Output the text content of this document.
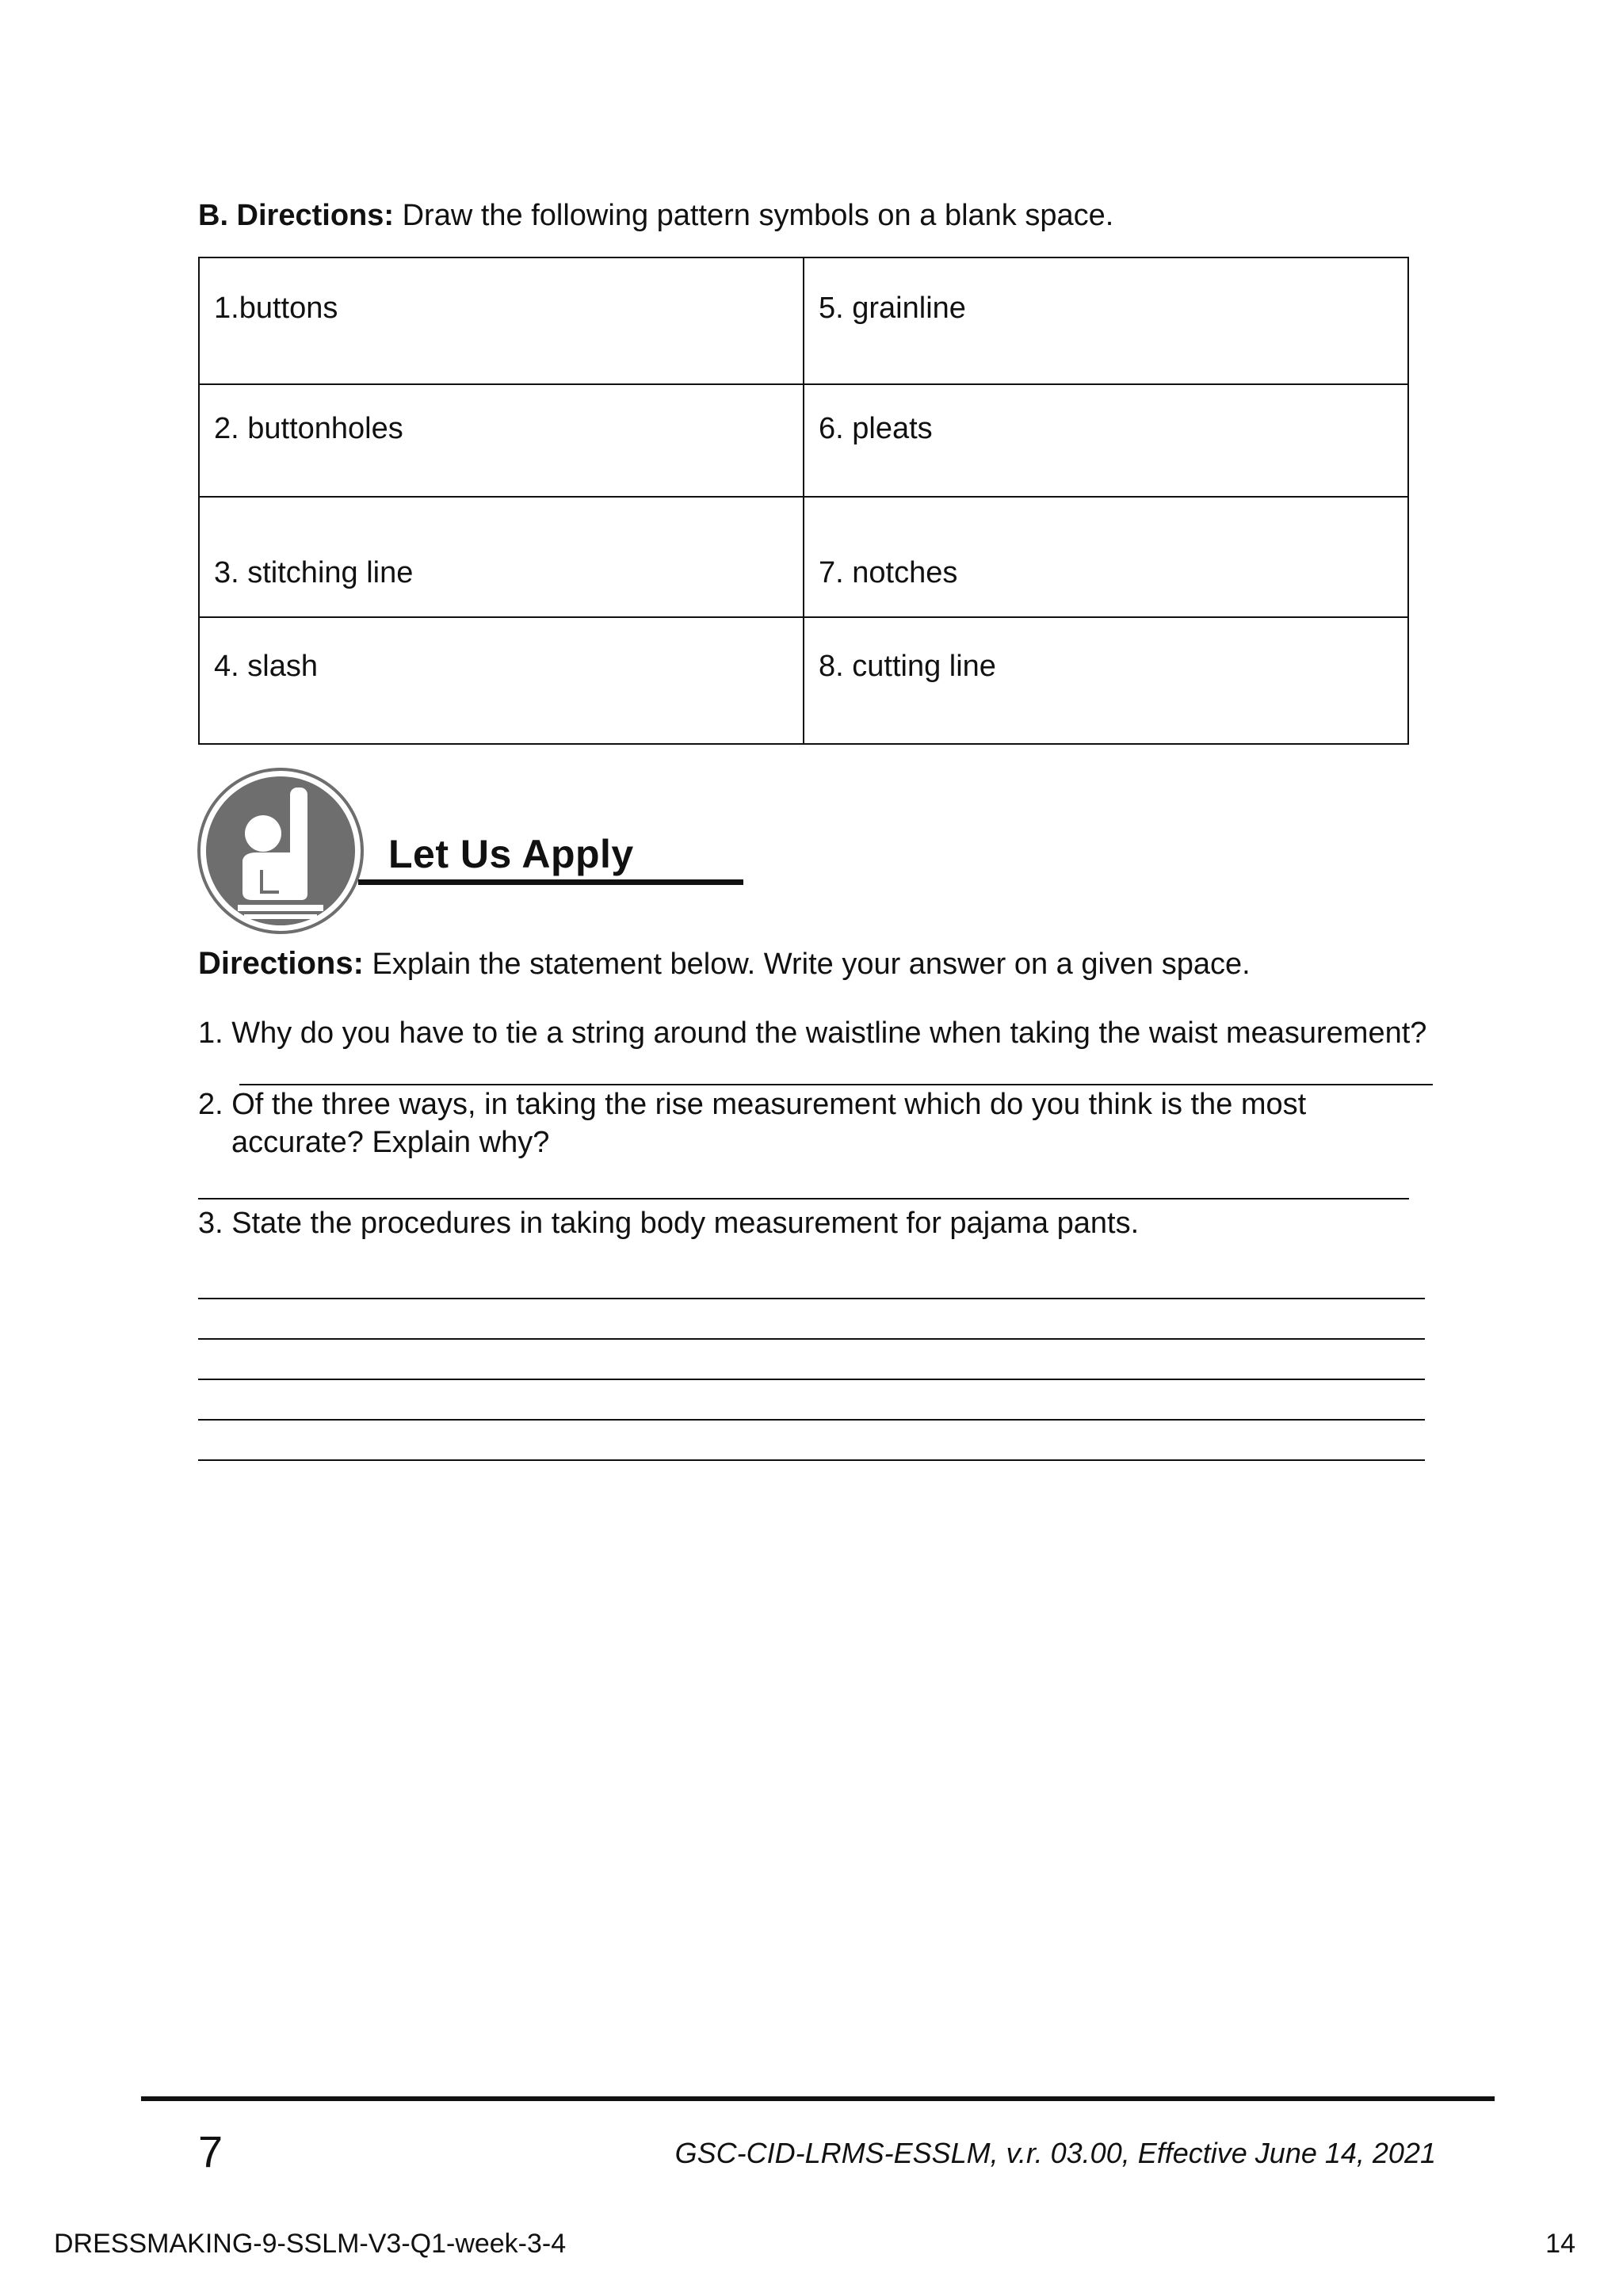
B. Directions: Draw the following pattern symbols on a blank space.
1.buttons	5. grainline
2. buttonholes	6. pleats
3. stitching line	7. notches
4. slash	8. cutting line
Let Us Apply
Directions: Explain the statement below. Write your answer on a given space.
1. Why do you have to tie a string around the waistline when taking the waist measurement?
2. Of the three ways, in taking the rise measurement which do you think is the most
accurate? Explain why?
3. State the procedures in taking body measurement for pajama pants.
7	GSC-CID-LRMS-ESSLM, v.r. 03.00, Effective June 14, 2021
DRESSMAKING-9-SSLM-V3-Q1-week-3-4	14
